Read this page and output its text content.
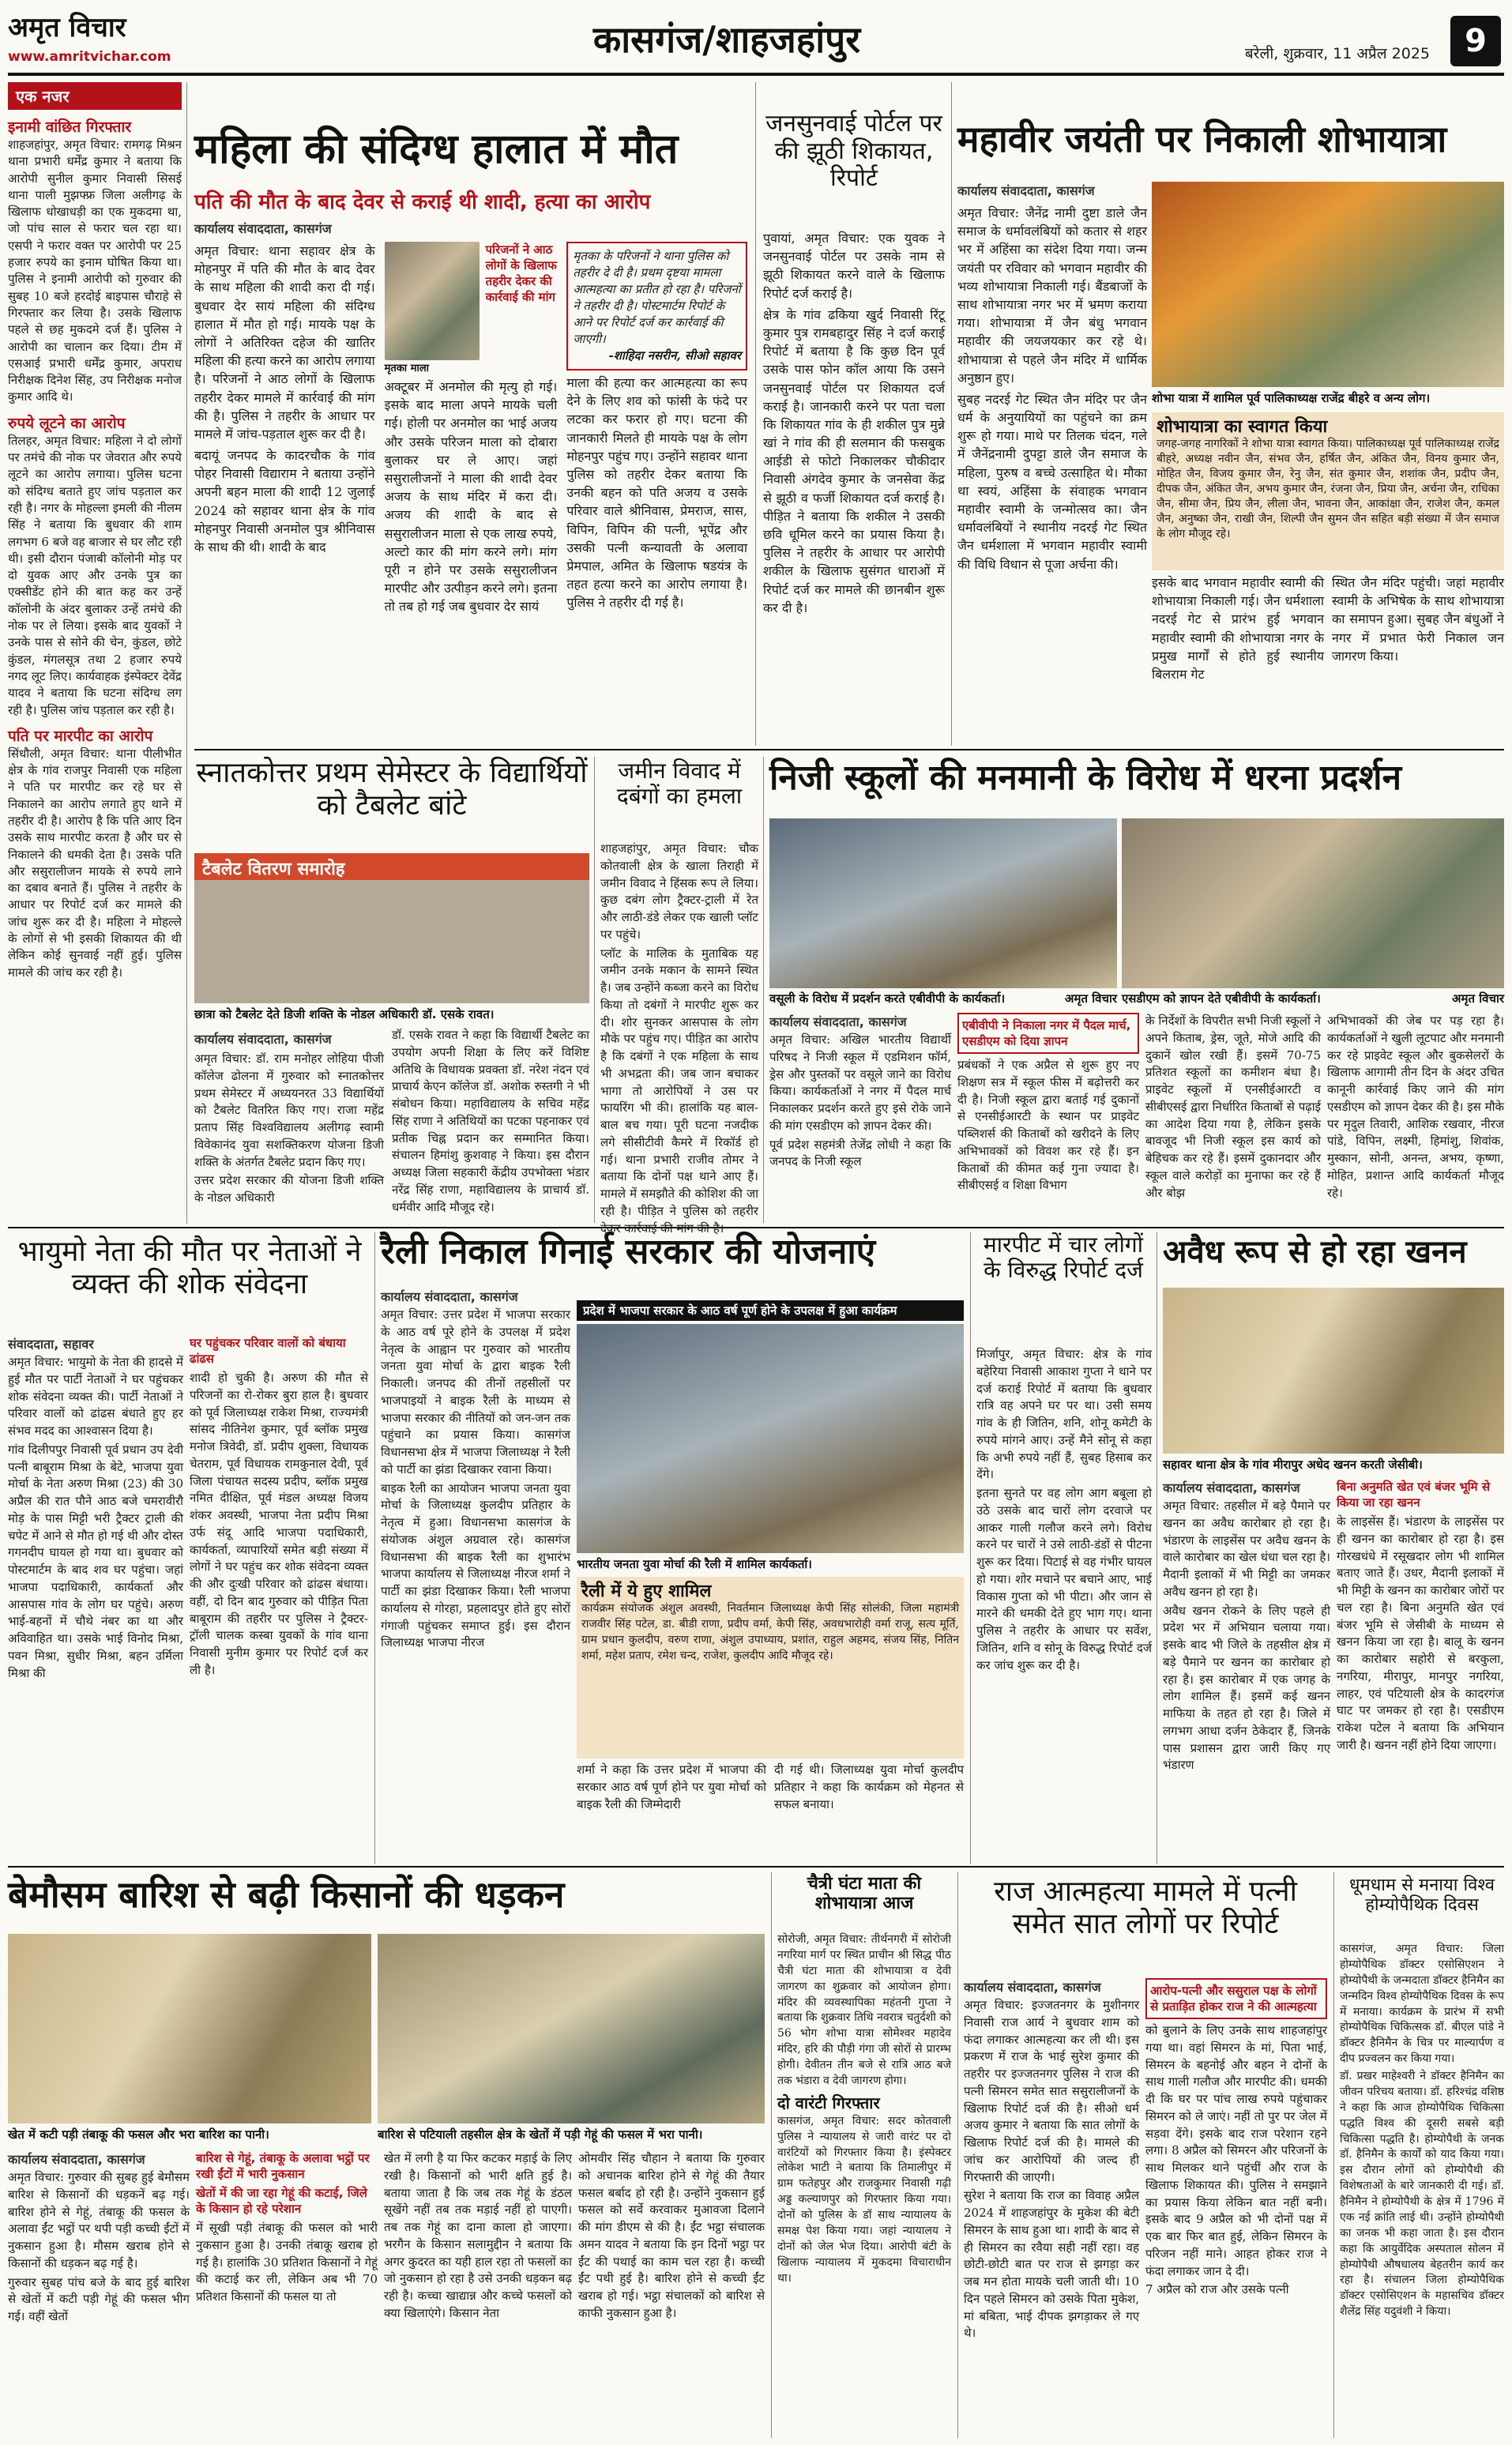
अमृत विचार
www.amritvichar.com	कासगंज/शाहजहांपुर	बरेली, शुक्रवार, 11 अप्रैल 2025	9
एक नजर
इनामी वांछित गिरफ्तार
शाहजहांपुर, अमृत विचार: रामगढ़ मिश्रन थाना प्रभारी धर्मेंद्र कुमार ने बताया कि आरोपी सुनील कुमार निवासी सिसई थाना पाली मुझफ्फ्र जिला अलीगढ़ के खिलाफ धोखाधड़ी का एक मुकदमा था, जो पांच साल से फरार चल रहा था। एसपी ने फरार वक्त पर आरोपी पर 25 हजार रुपये का इनाम घोषित किया था। पुलिस ने इनामी आरोपी को गुरुवार की सुबह 10 बजे हरदोई बाइपास चौराहे से गिरफ्तार कर लिया है। उसके खिलाफ पहले से छह मुकदमे दर्ज हैं। पुलिस ने आरोपी का चालान कर दिया। टीम में एसआई प्रभारी धर्मेंद्र कुमार, अपराध निरीक्षक दिनेश सिंह, उप निरीक्षक मनोज कुमार आदि थे।
रुपये लूटने का आरोप
तिलहर, अमृत विचार: महिला ने दो लोगों पर तमंचे की नोक पर जेवरात और रुपये लूटने का आरोप लगाया। पुलिस घटना को संदिग्ध बताते हुए जांच पड़ताल कर रही है। नगर के मोहल्ला इमली की नीलम सिंह ने बताया कि बुधवार की शाम लगभग 6 बजे वह बाजार से घर लौट रही थी। इसी दौरान पंजाबी कॉलोनी मोड़ पर दो युवक आए और उनके पुत्र का एक्सीडेंट होने की बात कह कर उन्हें कॉलोनी के अंदर बुलाकर उन्हें तमंचे की नोक पर ले लिया। इसके बाद युवकों ने उनके पास से सोने की चेन, कुंडल, छोटे कुंडल, मंगलसूत्र तथा 2 हजार रुपये नगद लूट लिए। कार्यवाहक इंस्पेक्टर देवेंद्र यादव ने बताया कि घटना संदिग्ध लग रही है। पुलिस जांच पड़ताल कर रही है।
पति पर मारपीट का आरोप
सिंधौली, अमृत विचार: थाना पीलीभीत क्षेत्र के गांव राजपुर निवासी एक महिला ने पति पर मारपीट कर रहे घर से निकालने का आरोप लगाते हुए थाने में तहरीर दी है। आरोप है कि पति आए दिन उसके साथ मारपीट करता है और घर से निकालने की धमकी देता है। उसके पति और ससुरालीजन मायके से रुपये लाने का दबाव बनाते हैं। पुलिस ने तहरीर के आधार पर रिपोर्ट दर्ज कर मामले की जांच शुरू कर दी है। महिला ने मोहल्ले के लोगों से भी इसकी शिकायत की थी लेकिन कोई सुनवाई नहीं हुई। पुलिस मामले की जांच कर रही है।
महिला की संदिग्ध हालात में मौत
पति की मौत के बाद देवर से कराई थी शादी, हत्या का आरोप
कार्यालय संवाददाता, कासगंज

अमृत विचार: थाना सहावर क्षेत्र के मोहनपुर में पति की मौत के बाद देवर के साथ महिला की शादी करा दी गई। बुधवार देर सायं महिला की संदिग्ध हालात में मौत हो गई। मायके पक्ष के लोगों ने अतिरिक्त दहेज की खातिर महिला की हत्या करने का आरोप लगाया है। परिजनों ने आठ लोगों के खिलाफ तहरीर देकर मामले में कार्रवाई की मांग की है। पुलिस ने तहरीर के आधार पर मामले में जांच-पड़ताल शुरू कर दी है।

बदायूं जनपद के कादरचौक के गांव पोहर निवासी विद्याराम ने बताया उन्होंने अपनी बहन माला की शादी 12 जुलाई 2024 को सहावर थाना क्षेत्र के गांव मोहनपुर निवासी अनमोल पुत्र श्रीनिवास के साथ की थी। शादी के बाद

परिजनों ने आठ लोगों के खिलाफ तहरीर देकर की कार्रवाई की मांग
मृतका माला

अक्टूबर में अनमोल की मृत्यु हो गई। इसके बाद माला अपने मायके चली गई। होली पर अनमोल का भाई अजय और उसके परिजन माला को दोबारा बुलाकर घर ले आए। जहां ससुरालीजनों ने माला की शादी देवर अजय के साथ मंदिर में करा दी। अजय की शादी के बाद से ससुरालीजन माला से एक लाख रुपये, अल्टो कार की मांग करने लगे। मांग पूरी न होने पर उसके ससुरालीजन मारपीट और उत्पीड़न करने लगे। इतना तो तब हो गई जब बुधवार देर सायं

मृतका के परिजनों ने थाना पुलिस को तहरीर दे दी है। प्रथम दृष्टया मामला आत्महत्या का प्रतीत हो रहा है। परिजनों ने तहरीर दी है। पोस्टमार्टम रिपोर्ट के आने पर रिपोर्ट दर्ज कर कार्रवाई की जाएगी।
-शाहिदा नसरीन, सीओ सहावर

माला की हत्या कर आत्महत्या का रूप देने के लिए शव को फांसी के फंदे पर लटका कर फरार हो गए। घटना की जानकारी मिलते ही मायके पक्ष के लोग मोहनपुर पहुंच गए। उन्होंने सहावर थाना पुलिस को तहरीर देकर बताया कि उनकी बहन को पति अजय व उसके परिवार वाले श्रीनिवास, प्रेमराज, सास, विपिन, विपिन की पत्नी, भूपेंद्र और उसकी पत्नी कन्यावती के अलावा प्रेमपाल, अमित के खिलाफ षडयंत्र के तहत हत्या करने का आरोप लगाया है। पुलिस ने तहरीर दी गई है।

जनसुनवाई पोर्टल पर की झूठी शिकायत, रिपोर्ट

पुवायां, अमृत विचार: एक युवक ने जनसुनवाई पोर्टल पर उसके नाम से झूठी शिकायत करने वाले के खिलाफ रिपोर्ट दर्ज कराई है।

क्षेत्र के गांव ढकिया खुर्द निवासी रिंटू कुमार पुत्र रामबहादुर सिंह ने दर्ज कराई रिपोर्ट में बताया है कि कुछ दिन पूर्व उसके पास फोन कॉल आया कि उसने जनसुनवाई पोर्टल पर शिकायत दर्ज कराई है। जानकारी करने पर पता चला कि शिकायत गांव के ही शकील पुत्र मुन्ने खां ने गांव की ही सलमान की फसबुक आईडी से फोटो निकालकर चौकीदार निवासी अंगदेव कुमार के जनसेवा केंद्र से झूठी व फर्जी शिकायत दर्ज कराई है। पीड़ित ने बताया कि शकील ने उसकी छवि धूमिल करने का प्रयास किया है। पुलिस ने तहरीर के आधार पर आरोपी शकील के खिलाफ सुसंगत धाराओं में रिपोर्ट दर्ज कर मामले की छानबीन शुरू कर दी है।

महावीर जयंती पर निकाली शोभायात्रा
कार्यालय संवाददाता, कासगंज

अमृत विचार: जैनेंद्र नामी दुष्टा डाले जैन समाज के धर्मावलंबियों को कतार से शहर भर में अहिंसा का संदेश दिया गया। जन्म जयंती पर रविवार को भगवान महावीर की भव्य शोभायात्रा निकाली गई। बैंडबाजों के साथ शोभायात्रा नगर भर में भ्रमण कराया गया। शोभायात्रा में जैन बंधु भगवान महावीर की जयजयकार कर रहे थे। शोभायात्रा से पहले जैन मंदिर में धार्मिक अनुष्ठान हुए।

सुबह नदरई गेट स्थित जैन मंदिर पर जैन धर्म के अनुयायियों का पहुंचने का क्रम शुरू हो गया। माथे पर तिलक चंदन, गले में जैनेंद्रनामी दुपट्टा डाले जैन समाज के महिला, पुरुष व बच्चे उत्साहित थे। मौका था स्वयं, अहिंसा के संवाहक भगवान महावीर स्वामी के जन्मोत्सव का। जैन धर्मावलंबियों ने स्थानीय नदरई गेट स्थित जैन धर्मशाला में भगवान महावीर स्वामी की विधि विधान से पूजा अर्चना की।

शोभा यात्रा में शामिल पूर्व पालिकाध्यक्ष राजेंद्र बीहरे व अन्य लोग।
शोभायात्रा का स्वागत किया
जगह-जगह नागरिकों ने शोभा यात्रा स्वागत किया। पालिकाध्यक्ष पूर्व पालिकाध्यक्ष राजेंद्र बीहरे, अध्यक्ष नवीन जैन, संभव जैन, हर्षित जैन, अंकित जैन, विनय कुमार जैन, मोहित जैन, विजय कुमार जैन, रेनु जैन, संत कुमार जैन, शशांक जैन, प्रदीप जैन, दीपक जैन, अंकित जैन, अभय कुमार जैन, रंजना जैन, प्रिया जैन, अर्चना जैन, राधिका जैन, सीमा जैन, प्रिय जैन, लीला जैन, भावना जैन, आकांक्षा जैन, राजेश जैन, कमल जैन, अनुष्का जैन, राखी जैन, शिल्पी जैन सुमन जैन सहित बड़ी संख्या में जैन समाज के लोग मौजूद रहे।

इसके बाद भगवान महावीर स्वामी की शोभायात्रा निकाली गई। जैन धर्मशाला नदरई गेट से प्रारंभ हुई भगवान महावीर स्वामी की शोभायात्रा नगर के प्रमुख मार्गों से होते हुई स्थानीय बिलराम गेट

स्थित जैन मंदिर पहुंची। जहां महावीर स्वामी के अभिषेक के साथ शोभायात्रा का समापन हुआ। सुबह जैन बंधुओं ने नगर में प्रभात फेरी निकाल जन जागरण किया।

स्नातकोत्तर प्रथम सेमेस्टर के विद्यार्थियों को टैबलेट बांटे
टैबलेट वितरण समारोह
छात्रा को टैबलेट देते डिजी शक्ति के नोडल अधिकारी डॉ. एसके रावत।
कार्यालय संवाददाता, कासगंज

अमृत विचार: डॉ. राम मनोहर लोहिया पीजी कॉलेज ढोलना में गुरुवार को स्नातकोत्तर प्रथम सेमेस्टर में अध्ययनरत 33 विद्यार्थियों को टैबलेट वितरित किए गए। राजा महेंद्र प्रताप सिंह विश्वविद्यालय अलीगढ़ स्वामी विवेकानंद युवा सशक्तिकरण योजना डिजी शक्ति के अंतर्गत टैबलेट प्रदान किए गए।

उत्तर प्रदेश सरकार की योजना डिजी शक्ति के नोडल अधिकारी

डॉ. एसके रावत ने कहा कि विद्यार्थी टैबलेट का उपयोग अपनी शिक्षा के लिए करें विशिष्ट अतिथि के विधायक प्रवक्ता डॉ. नरेश नंदन एवं प्राचार्य केएन कॉलेज डॉ. अशोक रुस्तगी ने भी संबोधन किया। महाविद्यालय के सचिव महेंद्र सिंह राणा ने अतिथियों का पटका पहनाकर एवं प्रतीक चिह्न प्रदान कर सम्मानित किया। संचालन हिमांशु कुशवाह ने किया। इस दौरान अध्यक्ष जिला सहकारी केंद्रीय उपभोक्ता भंडार नरेंद्र सिंह राणा, महाविद्यालय के प्राचार्य डॉ. धर्मवीर आदि मौजूद रहे।

जमीन विवाद में दबंगों का हमला

शाहजहांपुर, अमृत विचार: चौक कोतवाली क्षेत्र के खाला तिराही में जमीन विवाद ने हिंसक रूप ले लिया। कुछ दबंग लोग ट्रैक्टर-ट्राली में रेत और लाठी-डंडे लेकर एक खाली प्लॉट पर पहुंचे।

प्लॉट के मालिक के मुताबिक यह जमीन उनके मकान के सामने स्थित है। जब उन्होंने कब्जा करने का विरोध किया तो दबंगों ने मारपीट शुरू कर दी। शोर सुनकर आसपास के लोग मौके पर पहुंच गए। पीड़ित का आरोप है कि दबंगों ने एक महिला के साथ भी अभद्रता की। जब जान बचाकर भागा तो आरोपियों ने उस पर फायरिंग भी की। हालांकि यह बाल-बाल बच गया। पूरी घटना नजदीक लगे सीसीटीवी कैमरे में रिकॉर्ड हो गई। थाना प्रभारी राजीव तोमर ने बताया कि दोनों पक्ष थाने आए हैं। मामले में समझौते की कोशिश की जा रही है। पीड़ित ने पुलिस को तहरीर

निजी स्कूलों की मनमानी के विरोध में धरना प्रदर्शन
वसूली के विरोध में प्रदर्शन करते एबीवीपी के कार्यकर्ता।	अमृत विचार एसडीएम को ज्ञापन देते एबीवीपी के कार्यकर्ता।	अमृत विचार
कार्यालय संवाददाता, कासगंज

अमृत विचार: अखिल भारतीय विद्यार्थी परिषद ने निजी स्कूल में एडमिशन फॉर्म, ड्रेस और पुस्तकों पर वसूले जाने का विरोध किया। कार्यकर्ताओं ने नगर में पैदल मार्च निकालकर प्रदर्शन करते हुए इसे रोके जाने की मांग एसडीएम को ज्ञापन देकर की।

पूर्व प्रदेश सहमंत्री तेजेंद्र लोधी ने कहा कि जनपद के निजी स्कूल

एबीवीपी ने निकाला नगर में पैदल मार्च, एसडीएम को दिया ज्ञापन

प्रबंधकों ने एक अप्रैल से शुरू हुए नए शिक्षण सत्र में स्कूल फीस में बढ़ोत्तरी कर दी है। निजी स्कूल द्वारा बताई गई दुकानों से एनसीईआरटी के स्थान पर प्राइवेट पब्लिशर्स की किताबों को खरीदने के लिए अभिभावकों को विवश कर रहे हैं। इन किताबों की कीमत कई गुना ज्यादा है। सीबीएसई व शिक्षा विभाग

के निर्देशों के विपरीत सभी निजी स्कूलों ने अपने किताब, ड्रेस, जूते, मोजे आदि की दुकानें खोल रखी हैं। इसमें 70-75 प्रतिशत स्कूलों का कमीशन बंधा है। प्राइवेट स्कूलों में एनसीईआरटी व सीबीएसई द्वारा निर्धारित किताबों से पढ़ाई का आदेश दिया गया है, लेकिन इसके बावजूद भी निजी स्कूल इस कार्य को बेहिचक कर रहे हैं। इसमें दुकानदार और स्कूल वाले करोड़ों का मुनाफा कर रहे हैं और बोझ

अभिभावकों की जेब पर पड़ रहा है। कार्यकर्ताओं ने खुली लूटपाट और मनमानी कर रहे प्राइवेट स्कूल और बुकसेलरों के खिलाफ आगामी तीन दिन के अंदर उचित कानूनी कार्रवाई किए जाने की मांग एसडीएम को ज्ञापन देकर की है। इस मौके पर मृदुल तिवारी, आशिक रखवार, नीरज पांडे, विपिन, लक्ष्मी, हिमांशु, शिवांक, मुस्कान, सोनी, अनन्त, अभय, कृष्णा, मोहित, प्रशान्त आदि कार्यकर्ता मौजूद रहे।

भायुमो नेता की मौत पर नेताओं ने व्यक्त की शोक संवेदना
संवाददाता, सहावर

अमृत विचार: भायुमो के नेता की हादसे में हुई मौत पर पार्टी नेताओं ने घर पहुंचकर शोक संवेदना व्यक्त की। पार्टी नेताओं ने परिवार वालों को ढांढस बंधाते हुए हर संभव मदद का आश्वासन दिया है।

गांव दिलीपपुर निवासी पूर्व प्रधान उप देवी पत्नी बाबूराम मिश्रा के बेटे, भाजपा युवा मोर्चा के नेता अरुण मिश्रा (23) की 30 अप्रैल की रात पौने आठ बजे चमरावीरौ मोड़ के पास मिट्टी भरी ट्रैक्टर ट्राली की चपेट में आने से मौत हो गई थी और दोस्त गगनदीप घायल हो गया था। बुधवार को पोस्टमार्टम के बाद शव घर पहुंचा। जहां भाजपा पदाधिकारी, कार्यकर्ता और आसपास गांव के लोग घर पहुंचे। अरुण भाई-बहनों में चौथे नंबर का था और अविवाहित था। उसके भाई विनोद मिश्रा, पवन मिश्रा, सुधीर मिश्रा, बहन उर्मिला मिश्रा की

घर पहुंचकर परिवार वालों को बंधाया ढांढस

शादी हो चुकी है। अरुण की मौत से परिजनों का रो-रोकर बुरा हाल है। बुधवार को पूर्व जिलाध्यक्ष राकेश मिश्रा, राज्यमंत्री सांसद नीतिनेश कुमार, पूर्व ब्लॉक प्रमुख मनोज त्रिवेदी, डॉ. प्रदीप शुक्ला, विधायक चेतराम, पूर्व विधायक रामकुनाल देवी, पूर्व जिला पंचायत सदस्य प्रदीप, ब्लॉक प्रमुख नमित दीक्षित, पूर्व मंडल अध्यक्ष विजय शंकर अवस्थी, भाजपा नेता प्रदीप मिश्रा उर्फ संदू आदि भाजपा पदाधिकारी, कार्यकर्ता, व्यापारियों समेत बड़ी संख्या में लोगों ने घर पहुंच कर शोक संवेदना व्यक्त की और दुःखी परिवार को ढांढस बंधाया। वहीं, दो दिन बाद गुरुवार को पीड़ित पिता बाबूराम की तहरीर पर पुलिस ने ट्रैक्टर-ट्रॉली चालक कस्बा युवकों के गांव थाना निवासी मुनीम कुमार पर रिपोर्ट दर्ज कर ली है।

रैली निकाल गिनाई सरकार की योजनाएं
कार्यालय संवाददाता, कासगंज

अमृत विचार: उत्तर प्रदेश में भाजपा सरकार के आठ वर्ष पूरे होने के उपलक्ष में प्रदेश नेतृत्व के आह्वान पर गुरुवार को भारतीय जनता युवा मोर्चा के द्वारा बाइक रैली निकाली। जनपद की तीनों तहसीलों पर भाजपाइयों ने बाइक रैली के माध्यम से भाजपा सरकार की नीतियों को जन-जन तक पहुंचाने का प्रयास किया। कासगंज विधानसभा क्षेत्र में भाजपा जिलाध्यक्ष ने रैली को पार्टी का झंडा दिखाकर रवाना किया।

बाइक रैली का आयोजन भाजपा जनता युवा मोर्चा के जिलाध्यक्ष कुलदीप प्रतिहार के नेतृत्व में हुआ। विधानसभा कासगंज के संयोजक अंशुल अग्रवाल रहे। कासगंज विधानसभा की बाइक रैली का शुभारंभ भाजपा कार्यालय से जिलाध्यक्ष नीरज शर्मा ने पार्टी का झंडा दिखाकर किया। रैली भाजपा कार्यालय से गोरहा, प्रहलादपुर होते हुए सोरों गंगाजी पहुंचकर समाप्त हुई। इस दौरान जिलाध्यक्ष भाजपा नीरज

प्रदेश में भाजपा सरकार के आठ वर्ष पूर्ण होने के उपलक्ष में हुआ कार्यक्रम
भारतीय जनता युवा मोर्चा की रैली में शामिल कार्यकर्ता।
रैली में ये हुए शामिल
कार्यक्रम संयोजक अंशुल अवस्थी, निवर्तमान जिलाध्यक्ष केपी सिंह सोलंकी, जिला महामंत्री राजवीर सिंह पटेल, डा. बीडी राणा, प्रदीप वर्मा, केपी सिंह, अवधभारोही वर्मा राजू, सत्य मूर्ति, ग्राम प्रधान कुलदीप, वरुण राणा, अंशुल उपाध्याय, प्रशांत, राहुल अहमद, संजय सिंह, नितिन शर्मा, महेश प्रताप, रमेश चन्द, राजेश, कुलदीप आदि मौजूद रहे।

शर्मा ने कहा कि उत्तर प्रदेश में भाजपा की सरकार आठ वर्ष पूर्ण होने पर युवा मोर्चा को बाइक रैली की जिम्मेदारी

दी गई थी। जिलाध्यक्ष युवा मोर्चा कुलदीप प्रतिहार ने कहा कि कार्यक्रम को मेहनत से सफल बनाया।

मारपीट में चार लोगों के विरुद्ध रिपोर्ट दर्ज

मिर्जापुर, अमृत विचार: क्षेत्र के गांव बहेरिया निवासी आकाश गुप्ता ने थाने पर दर्ज कराई रिपोर्ट में बताया कि बुधवार रात्रि वह अपने घर पर था। उसी समय गांव के ही जितिन, शनि, शोनू कमेटी के रुपये मांगने आए। उन्हें मैने सोनू से कहा कि अभी रुपये नहीं हैं, सुबह हिसाब कर देंगे।

इतना सुनते पर वह लोग आग बबूला हो उठे उसके बाद चारों लोग दरवाजे पर आकर गाली गलौज करने लगे। विरोध करने पर चारों ने उसे लाठी-डंडों से पीटना शुरू कर दिया। पिटाई से वह गंभीर घायल हो गया। शोर मचाने पर बचाने आए, भाई विकास गुप्ता को भी पीटा। और जान से मारने की धमकी देते हुए भाग गए। थाना पुलिस ने तहरीर के आधार पर सर्वेश, जितिन, शनि व सोनू के विरुद्ध रिपोर्ट दर्ज कर जांच शुरू कर दी है।

अवैध रूप से हो रहा खनन
सहावर थाना क्षेत्र के गांव मीरापुर अधेद खनन करती जेसीबी।
कार्यालय संवाददाता, कासगंज

अमृत विचार: तहसील में बड़े पैमाने पर खनन का अवैध कारोबार हो रहा है। भंडारण के लाइसेंस पर अवैध खनन के वाले कारोबार का खेल धंधा चल रहा है। मैदानी इलाकों में भी मिट्टी का जमकर अवैध खनन हो रहा है।

अवैध खनन रोकने के लिए पहले ही प्रदेश भर में अभियान चलाया गया। इसके बाद भी जिले के तहसील क्षेत्र में बड़े पैमाने पर खनन का कारोबार हो रहा है। इस कारोबार में एक जगह के लोग शामिल हैं। इसमें कई खनन माफिया के तहत हो रहा है। जिले में लगभग आधा दर्जन ठेकेदार हैं, जिनके पास प्रशासन द्वारा जारी किए गए भंडारण

बिना अनुमति खेत एवं बंजर भूमि से किया जा रहा खनन

के लाइसेंस हैं। भंडारण के लाइसेंस पर ही खनन का कारोबार हो रहा है। इस गोरखधंधे में रसूखदार लोग भी शामिल बताए जाते हैं। उधर, मैदानी इलाकों में भी मिट्टी के खनन का कारोबार जोरों पर चल रहा है। बिना अनुमति खेत एवं बंजर भूमि से जेसीबी के माध्यम से खनन किया जा रहा है। बालू के खनन का कारोबार सहोरी से बरकुला, नगरिया, मीरापुर, मानपुर नगरिया, लाहर, एवं पटियाली क्षेत्र के कादरगंज घाट पर जमकर हो रहा है। एसडीएम राकेश पटेल ने बताया कि अभियान जारी है। खनन नहीं होने दिया जाएगा।

बेमौसम बारिश से बढ़ी किसानों की धड़कन
खेत में कटी पड़ी तंबाकू की फसल और भरा बारिश का पानी।	बारिश से पटियाली तहसील क्षेत्र के खेतों में पड़ी गेहूं की फसल में भरा पानी।
कार्यालय संवाददाता, कासगंज

अमृत विचार: गुरुवार की सुबह हुई बेमौसम बारिश से किसानों की धड़कनें बढ़ गई। बारिश होने से गेहूं, तंबाकू की फसल के अलावा ईंट भट्ठों पर थपी पड़ी कच्ची ईंटों में नुकसान हुआ है। मौसम खराब होने से किसानों की धड़कन बढ़ गई है।

गुरुवार सुबह पांच बजे के बाद हुई बारिश से खेतों में कटी पड़ी गेहूं की फसल भीग गई। वहीं खेतों

बारिश से गेहूं, तंबाकू के अलावा भट्ठों पर रखी ईंटों में भारी नुकसान
खेतों में की जा रहा गेहूं की कटाई, जिले के किसान हो रहे परेशान

में सूखी पड़ी तंबाकू की फसल को भारी नुकसान हुआ है। उनकी तंबाकू खराब हो गई है। हालांकि 30 प्रतिशत किसानों ने गेहूं की कटाई कर ली, लेकिन अब भी 70 प्रतिशत किसानों की फसल या तो

खेत में लगी है या फिर कटकर मड़ाई के लिए रखी है। किसानों को भारी क्षति हुई है। बताया जाता है कि जब तक गेहूं के डंठल सूखेंगे नहीं तब तक मड़ाई नहीं हो पाएगी। तब तक गेहूं का दाना काला हो जाएगा। भरगैन के किसान सलामुद्दीन ने बताया कि अगर कुदरत का यही हाल रहा तो फसलों का जो नुकसान हो रहा है उसे उनकी धड़कन बढ़ रही है। कच्चा खाद्यान्न और कच्चे फसलों को क्या खिलाएंगे। किसान नेता

ओमवीर सिंह चौहान ने बताया कि गुरुवार को अचानक बारिश होने से गेहूं की तैयार फसल बर्बाद हो रही है। उन्होंने नुकसान हुई फसल को सर्वे करवाकर मुआवजा दिलाने की मांग डीएम से की है। ईंट भट्ठा संचालक अमन यादव ने बताया कि इन दिनों भट्ठा पर ईंट की पथाई का काम चल रहा है। कच्ची ईंट पथी हुई है। बारिश होने से कच्ची ईंट खराब हो गई। भट्ठा संचालकों को बारिश से काफी नुकसान हुआ है।

चैत्री घंटा माता की शोभायात्रा आज

सोरोजी, अमृत विचार: तीर्थनगरी में सोरोजी नगरिया मार्ग पर स्थित प्राचीन श्री सिद्ध पीठ चैत्री घंटा माता की शोभायात्रा व देवी जागरण का शुक्रवार को आयोजन होगा। मंदिर की व्यवस्थापिका महंतनी गुप्ता ने बताया कि शुक्रवार तिथि नवरात्र चतुर्दशी को 56 भोग शोभा यात्रा सोमेश्वर महादेव मंदिर, हरि की पौड़ी गंगा जी सोरों से प्रारम्भ होगी। देवीतन तीन बजे से रात्रि आठ बजे तक भंडारा व देवी जागरण होगा।

दो वारंटी गिरफ्तार

कासगंज, अमृत विचार: सदर कोतवाली पुलिस ने न्यायालय से जारी वारंट पर दो वारंटियों को गिरफ्तार किया है। इंस्पेक्टर लोकेश भाटी ने बताया कि तिमालीपुर में ग्राम फतेहपुर और राजकुमार निवासी गढ़ी अड्ड कल्याणपुर को गिरफ्तार किया गया। दोनों को पुलिस के डॉ साथ न्यायालय के समक्ष पेश किया गया। जहां न्यायालय ने दोनों को जेल भेज दिया। आरोपी बंटी के खिलाफ न्यायालय में मुकदमा विचाराधीन था।

राज आत्महत्या मामले में पत्नी समेत सात लोगों पर रिपोर्ट
कार्यालय संवाददाता, कासगंज

अमृत विचार: इज्जतनगर के मुशीनगर निवासी राज आर्य ने बुधवार शाम को फंदा लगाकर आत्महत्या कर ली थी। इस प्रकरण में राज के भाई सुरेश कुमार की तहरीर पर इज्जतनगर पुलिस ने राज की पत्नी सिमरन समेत सात ससुरालीजनों के खिलाफ रिपोर्ट दर्ज की है। सीओ धर्म अजय कुमार ने बताया कि सात लोगों के खिलाफ रिपोर्ट दर्ज की है। मामले की जांच कर आरोपियों की जल्द ही गिरफ्तारी की जाएगी।

सुरेश ने बताया कि राज का विवाह अप्रैल 2024 में शाहजहांपुर के मुकेश की बेटी सिमरन के साथ हुआ था। शादी के बाद से ही सिमरन का रवैया सही नहीं रहा। वह छोटी-छोटी बात पर राज से झगड़ा कर जब मन होता मायके चली जाती थी। 10 दिन पहले सिमरन को उसके पिता मुकेश, मां बबिता, भाई दीपक झगड़ाकर ले गए थे।

आरोप-पत्नी और ससुराल पक्ष के लोगों से प्रताड़ित होकर राज ने की आत्महत्या

को बुलाने के लिए उनके साथ शाहजहांपुर गया था। वहां सिमरन के मां, पिता भाई, सिमरन के बहनोई और बहन ने दोनों के साथ गाली गलौज और मारपीट की। धमकी दी कि घर पर पांच लाख रुपये पहुंचाकर सिमरन को ले जाएं। नहीं तो पुर पर जेल में सड़वा देंगे। इसके बाद राज परेशान रहने लगा। 8 अप्रैल को सिमरन और परिजनों के साथ मिलकर थाने पहुंचीं और राज के खिलाफ शिकायत की। पुलिस ने समझाने का प्रयास किया लेकिन बात नहीं बनी। इसके बाद 9 अप्रैल को भी दोनों पक्ष में एक बार फिर बात हुई, लेकिन सिमरन के परिजन नहीं माने। आहत होकर राज ने फंदा लगाकर जान दे दी।

7 अप्रैल को राज और उसके पत्नी

धूमधाम से मनाया विश्व होम्योपैथिक दिवस

कासगंज, अमृत विचार: जिला होम्योपैथिक डॉक्टर एसोसिएशन ने होम्योपैथी के जन्मदाता डॉक्टर हैनिमैन का जन्मदिन विश्व होम्योपैथिक दिवस के रूप में मनाया। कार्यक्रम के प्रारंभ में सभी होम्योपैथिक चिकित्सक डॉ. बीएल पांडे ने डॉक्टर हैनिमैन के चित्र पर माल्यार्पण व दीप प्रज्वलन कर किया गया।

डॉ. प्रखर माहेश्वरी ने डॉक्टर हैनिमैन का जीवन परिचय बताया। डॉ. हरिश्चंद्र वशिष्ठ ने कहा कि आज होम्योपैथिक चिकित्सा पद्धति विश्व की दूसरी सबसे बड़ी चिकित्सा पद्धति है। होम्योपैथी के जनक डॉ. हैनिमैन के कार्यों को याद किया गया। इस दौरान लोगों को होम्योपैथी की विशेषताओं के बारे जानकारी दी गई। डॉ. हैनिमैन ने होम्योपैथी के क्षेत्र में 1796 में एक नई क्रांति लाई थी। उन्होंने होम्योपैथी का जनक भी कहा जाता है। इस दौरान कहा कि आयुर्वेदिक अस्पताल सोलन में होम्योपैथी औषधालय बेहतरीन कार्य कर रहा है। संचालन जिला होम्योपैथिक डॉक्टर एसोसिएशन के महासचिव डॉक्टर शैलेंद्र सिंह यदुवंशी ने किया।
